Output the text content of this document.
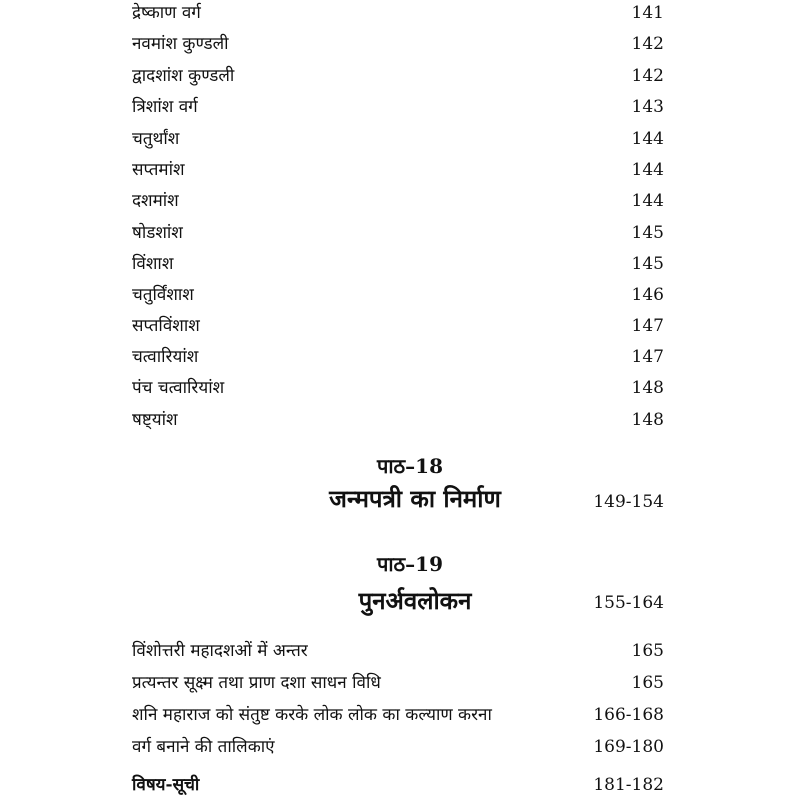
द्रेष्काण वर्ग	141
नवमांश कुण्डली	142
द्वादशांश कुण्डली	142
त्रिशांश वर्ग	143
चतुर्थांश	144
सप्तमांश	144
दशमांश	144
षोडशांश	145
विंशाश	145
चतुर्विंशाश	146
सप्तविंशाश	147
चत्वारियांश	147
पंच चत्वारियांश	148
षष्ट्यांश	148
पाठ–18
जन्मपत्री का निर्माण	149-154
पाठ–19
पुनर्अवलोकन	155-164
विंशोत्तरी महादशओं में अन्तर	165
प्रत्यन्तर सूक्ष्म तथा प्राण दशा साधन विधि	165
शनि महाराज को संतुष्ट करके लोक लोक का कल्याण करना	166-168
वर्ग बनाने की तालिकाएं	169-180
विषय-सूची	181-182
